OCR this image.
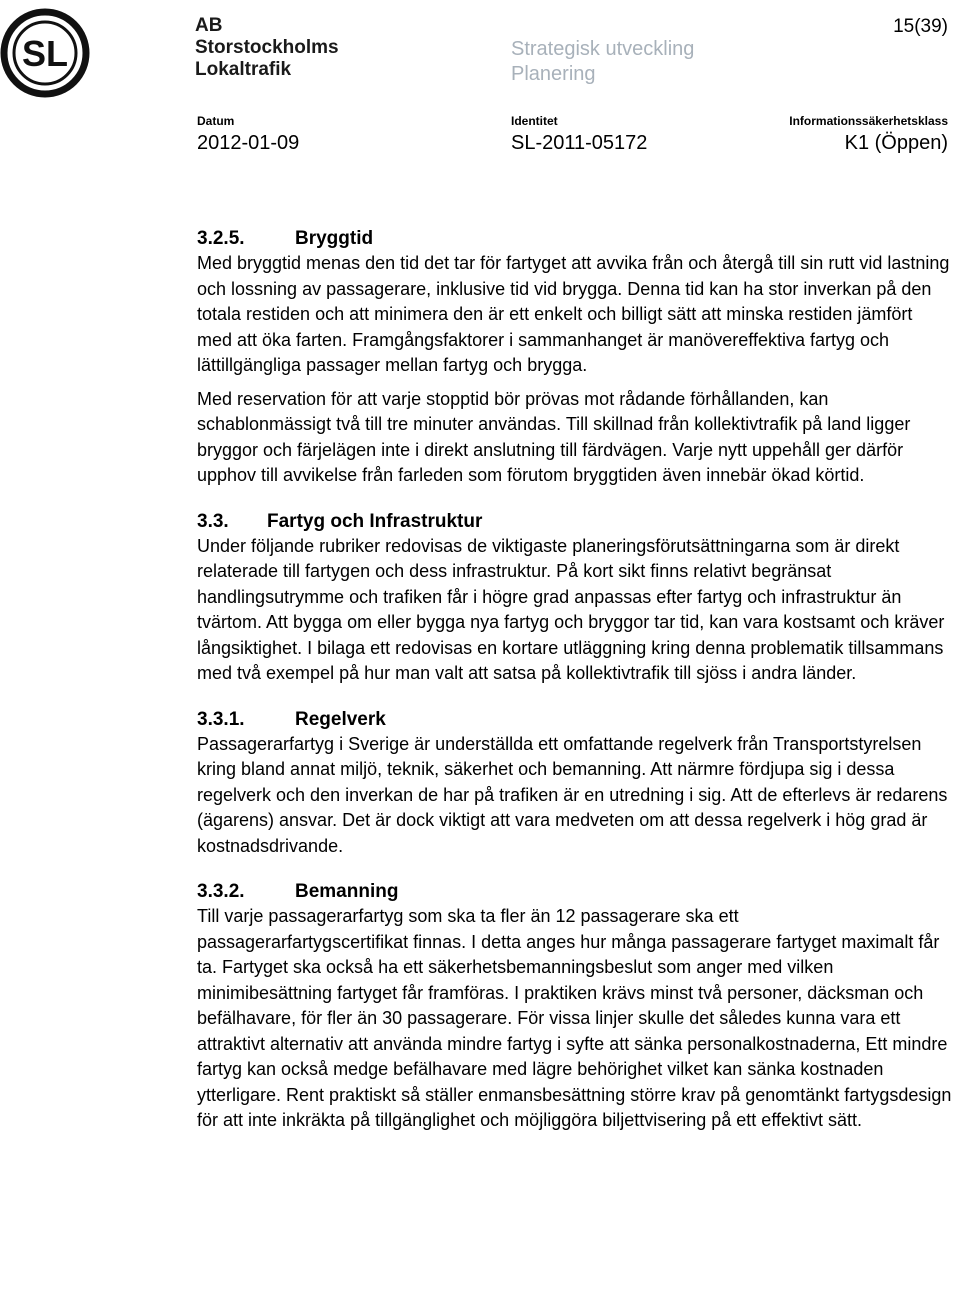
SL
AB
Storstockholms
Lokaltrafik
Strategisk utveckling
Planering
15(39)
Datum
2012-01-09
Identitet
SL-2011-05172
Informationssäkerhetsklass
K1 (Öppen)
3.2.5.	Bryggtid

Med bryggtid menas den tid det tar för fartyget att avvika från och återgå till sin rutt vid lastning och lossning av passagerare, inklusive tid vid brygga. Denna tid kan ha stor inverkan på den totala restiden och att minimera den är ett enkelt och billigt sätt att minska restiden jämfört med att öka farten. Framgångsfaktorer i sammanhanget är manövereffektiva fartyg och lättillgängliga passager mellan fartyg och brygga.

Med reservation för att varje stopptid bör prövas mot rådande förhållanden, kan schablonmässigt två till tre minuter användas. Till skillnad från kollektivtrafik på land ligger bryggor och färjelägen inte i direkt anslutning till färdvägen. Varje nytt uppehåll ger därför upphov till avvikelse från farleden som förutom bryggtiden även innebär ökad körtid.

3.3. Fartyg och Infrastruktur

Under följande rubriker redovisas de viktigaste planeringsförutsättningarna som är direkt relaterade till fartygen och dess infrastruktur. På kort sikt finns relativt begränsat handlingsutrymme och trafiken får i högre grad anpassas efter fartyg och infrastruktur än tvärtom. Att bygga om eller bygga nya fartyg och bryggor tar tid, kan vara kostsamt och kräver långsiktighet. I bilaga ett redovisas en kortare utläggning kring denna problematik tillsammans med två exempel på hur man valt att satsa på kollektivtrafik till sjöss i andra länder.

3.3.1.	Regelverk

Passagerarfartyg i Sverige är underställda ett omfattande regelverk från Transportstyrelsen kring bland annat miljö, teknik, säkerhet och bemanning. Att närmre fördjupa sig i dessa regelverk och den inverkan de har på trafiken är en utredning i sig. Att de efterlevs är redarens (ägarens) ansvar. Det är dock viktigt att vara medveten om att dessa regelverk i hög grad är kostnadsdrivande.

3.3.2.	Bemanning

Till varje passagerarfartyg som ska ta fler än 12 passagerare ska ett passagerarfartygscertifikat finnas. I detta anges hur många passagerare fartyget maximalt får ta. Fartyget ska också ha ett säkerhetsbemanningsbeslut som anger med vilken minimibesättning fartyget får framföras. I praktiken krävs minst två personer, däcksman och befälhavare, för fler än 30 passagerare. För vissa linjer skulle det således kunna vara ett attraktivt alternativ att använda mindre fartyg i syfte att sänka personalkostnaderna, Ett mindre fartyg kan också medge befälhavare med lägre behörighet vilket kan sänka kostnaden ytterligare. Rent praktiskt så ställer enmansbesättning större krav på genomtänkt fartygsdesign för att inte inkräkta på tillgänglighet och möjliggöra biljettvisering på ett effektivt sätt.
